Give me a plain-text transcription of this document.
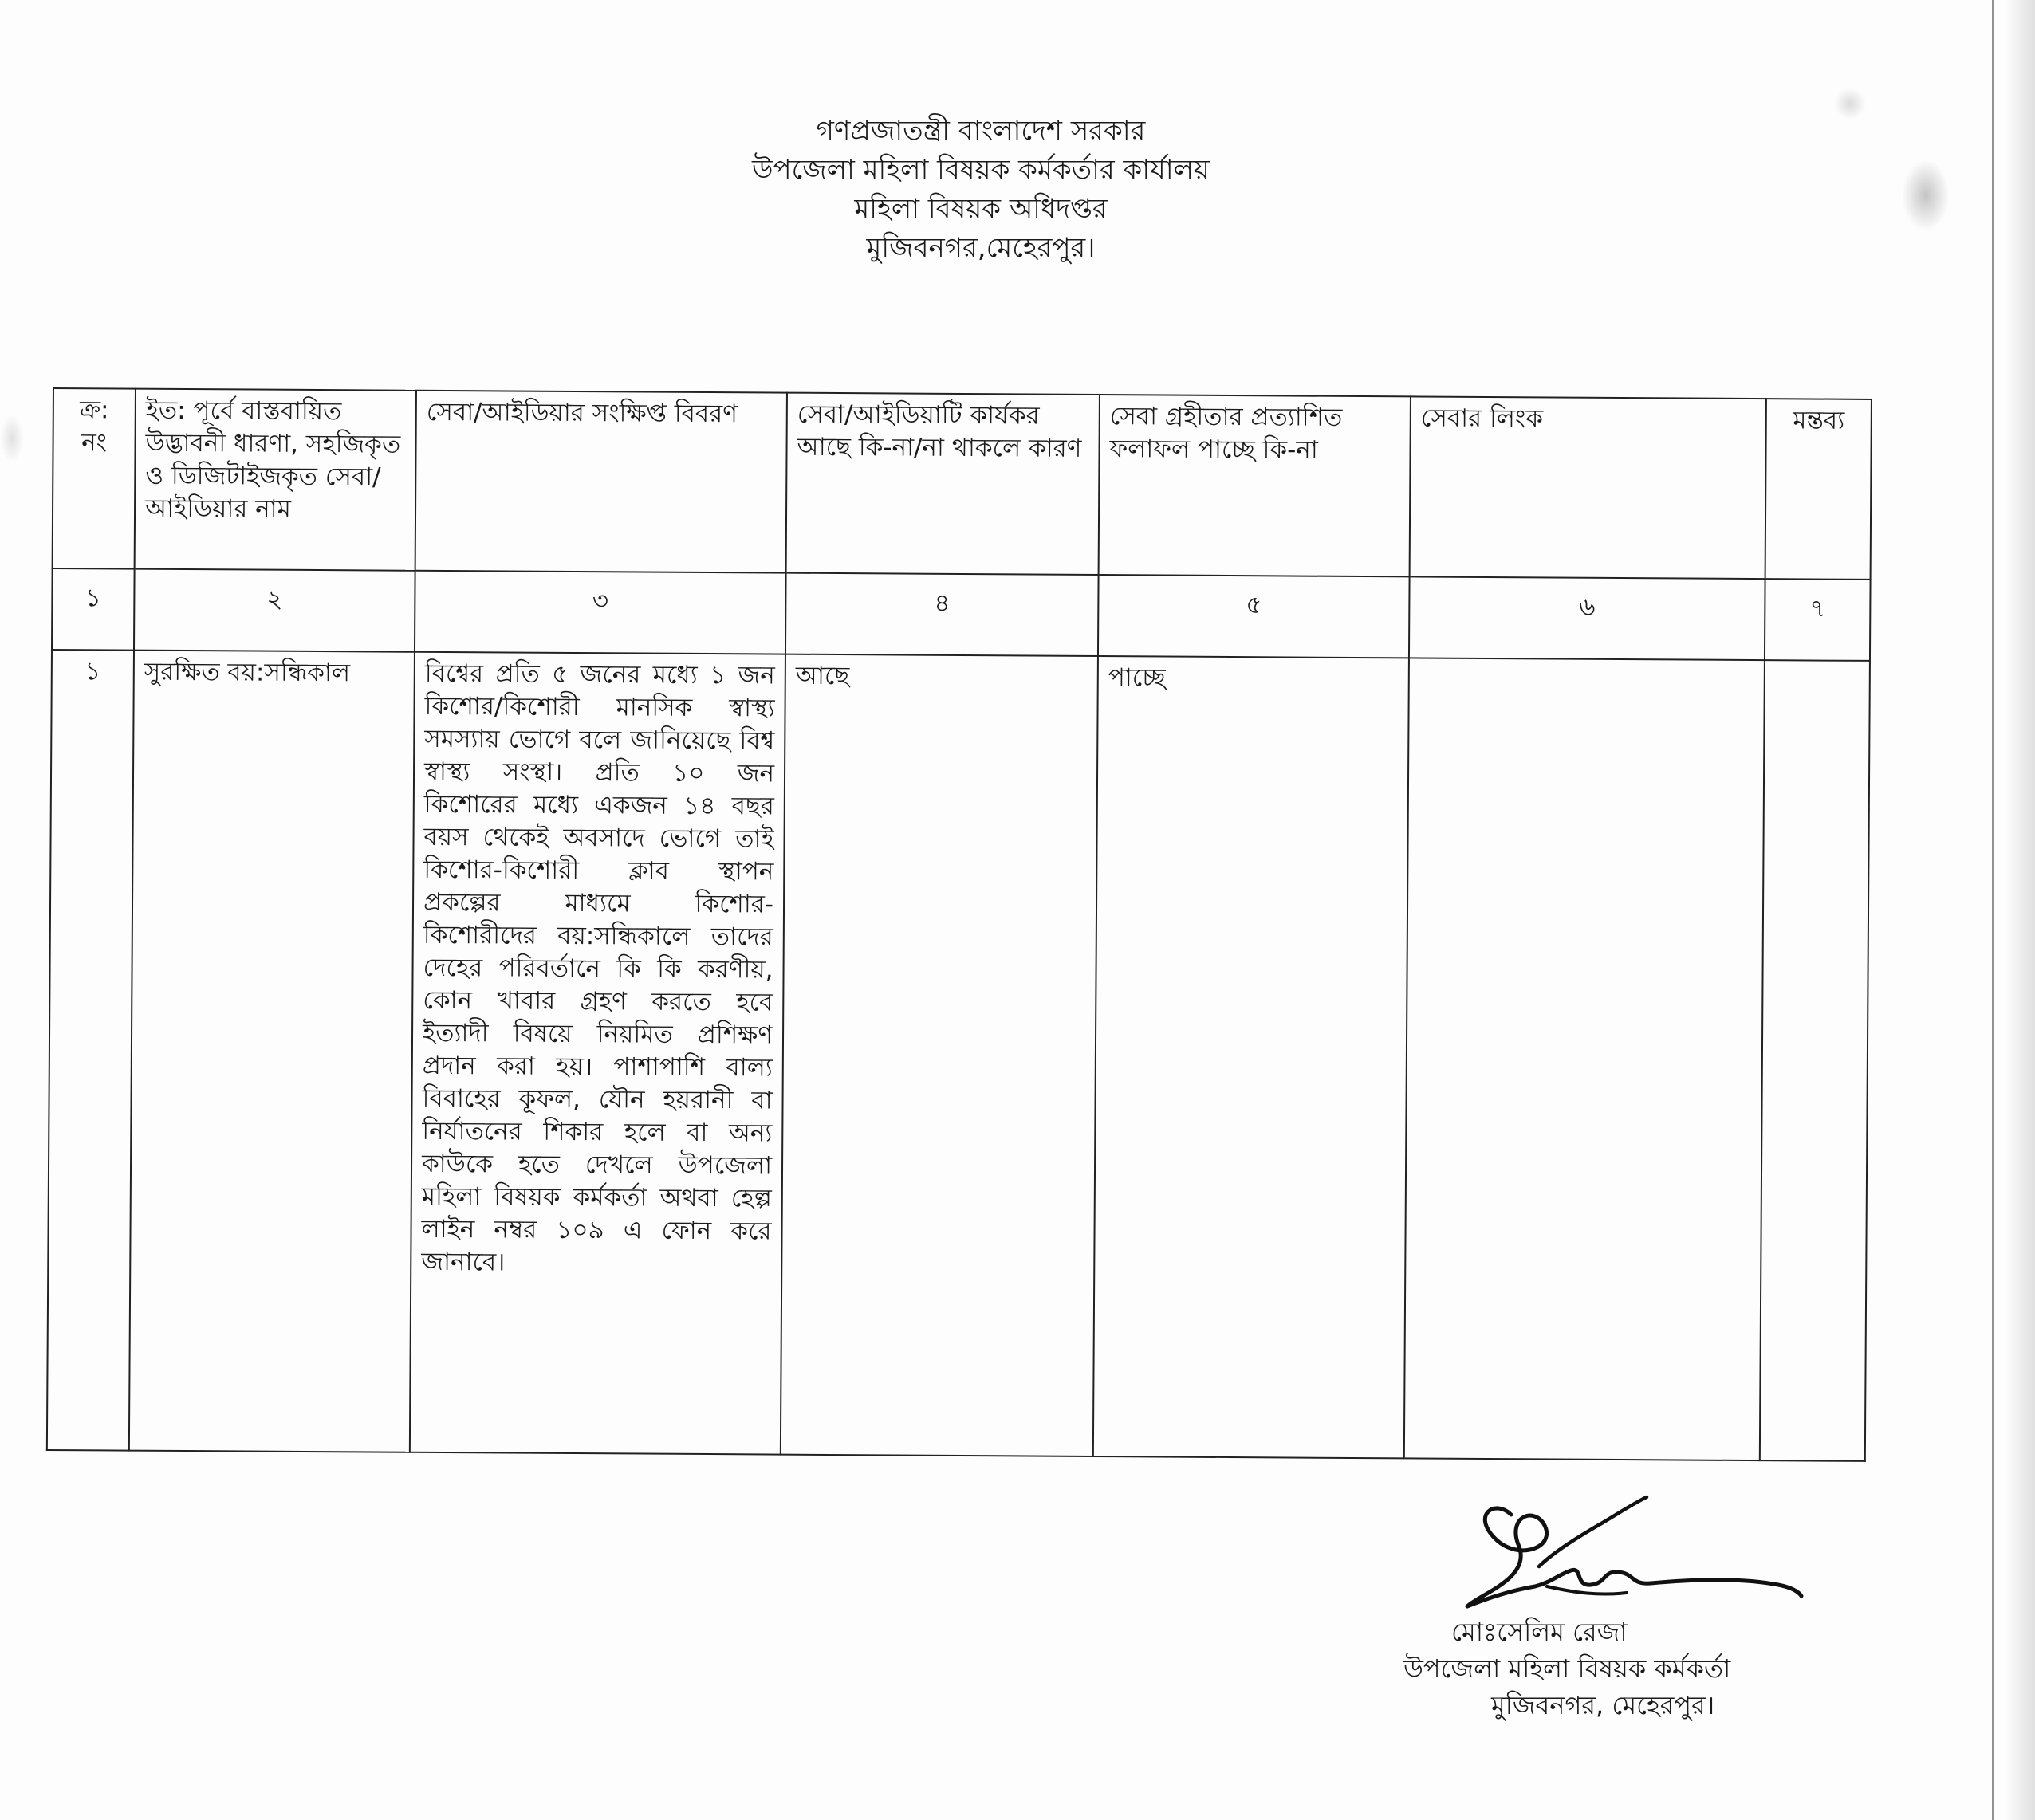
গণপ্রজাতন্ত্রী বাংলাদেশ সরকার
উপজেলা মহিলা বিষয়ক কর্মকর্তার কার্যালয়
মহিলা বিষয়ক অধিদপ্তর
মুজিবনগর,মেহেরপুর।
ক্র: নং	ইত: পূর্বে বাস্তবায়িত উদ্ভাবনী ধারণা, সহজিকৃত ও ডিজিটাইজকৃত সেবা/আইডিয়ার নাম	সেবা/আইডিয়ার সংক্ষিপ্ত বিবরণ	সেবা/আইডিয়াটি কার্যকর আছে কি-না/না থাকলে কারণ	সেবা গ্রহীতার প্রত্যাশিত ফলাফল পাচ্ছে কি-না	সেবার লিংক	মন্তব্য
১	২	৩	৪	৫	৬	৭
১	সুরক্ষিত বয়:সন্ধিকাল	বিশ্বের প্রতি ৫ জনের মধ্যে ১ জন কিশোর/কিশোরী মানসিক স্বাস্থ্য সমস্যায় ভোগে বলে জানিয়েছে বিশ্ব স্বাস্থ্য সংস্থা। প্রতি ১০ জন কিশোরের মধ্যে একজন ১৪ বছর বয়স থেকেই অবসাদে ভোগে তাই কিশোর-কিশোরী ক্লাব স্থাপন প্রকল্পের মাধ্যমে কিশোর-কিশোরীদের বয়:সন্ধিকালে তাদের দেহের পরিবর্তানে কি কি করণীয়, কোন খাবার গ্রহণ করতে হবে ইত্যাদী বিষয়ে নিয়মিত প্রশিক্ষণ প্রদান করা হয়। পাশাপাশি বাল্য বিবাহের কূফল, যৌন হয়রানী বা নির্যাতনের শিকার হলে বা অন্য কাউকে হতে দেখলে উপজেলা মহিলা বিষয়ক কর্মকর্তা অথবা হেল্প লাইন নম্বর ১০৯ এ ফোন করে জানাবে।	আছে	পাচ্ছে		
মোঃসেলিম রেজা
উপজেলা মহিলা বিষয়ক কর্মকর্তা
মুজিবনগর, মেহেরপুর।
